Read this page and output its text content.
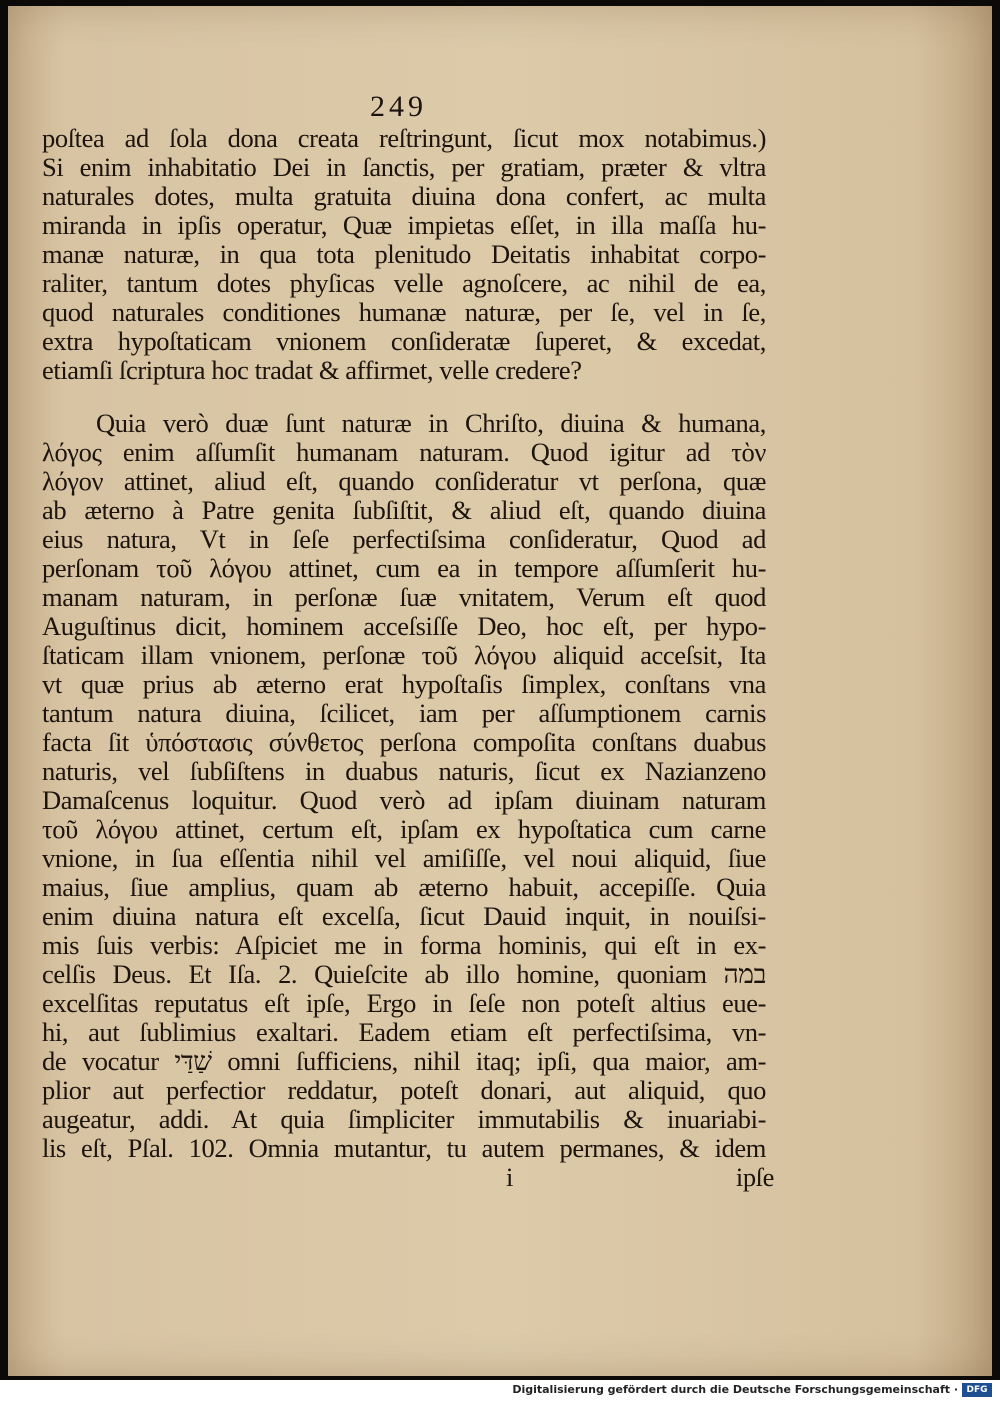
249
poſtea ad ſola dona creata reſtringunt, ſicut mox notabimus.)
Si enim inhabitatio Dei in ſanctis, per gratiam, præter & vltra
naturales dotes, multa gratuita diuina dona confert, ac multa
miranda in ipſis operatur, Quæ impietas eſſet, in illa maſſa hu-
manæ naturæ, in qua tota plenitudo Deitatis inhabitat corpo-
raliter, tantum dotes phyſicas velle agnoſcere, ac nihil de ea,
quod naturales conditiones humanæ naturæ, per ſe, vel in ſe,
extra hypoſtaticam vnionem conſideratæ ſuperet, & excedat,
etiamſi ſcriptura hoc tradat & affirmet, velle credere?
Quia verò duæ ſunt naturæ in Chriſto, diuina & humana,
λόγος enim aſſumſit humanam naturam. Quod igitur ad τὸν
λόγον attinet, aliud eſt, quando conſideratur vt perſona, quæ
ab æterno à Patre genita ſubſiſtit, & aliud eſt, quando diuina
eius natura, Vt in ſeſe perfectiſsima conſideratur, Quod ad
perſonam τοῦ λόγου attinet, cum ea in tempore aſſumſerit hu-
manam naturam, in perſonæ ſuæ vnitatem, Verum eſt quod
Auguſtinus dicit, hominem acceſsiſſe Deo, hoc eſt, per hypo-
ſtaticam illam vnionem, perſonæ τοῦ λόγου aliquid acceſsit, Ita
vt quæ prius ab æterno erat hypoſtaſis ſimplex, conſtans vna
tantum natura diuina, ſcilicet, iam per aſſumptionem carnis
facta ſit ὑπόστασις σύνθετος perſona compoſita conſtans duabus
naturis, vel ſubſiſtens in duabus naturis, ſicut ex Nazianzeno
Damaſcenus loquitur. Quod verò ad ipſam diuinam naturam
τοῦ λόγου attinet, certum eſt, ipſam ex hypoſtatica cum carne
vnione, in ſua eſſentia nihil vel amiſiſſe, vel noui aliquid, ſiue
maius, ſiue amplius, quam ab æterno habuit, accepiſſe. Quia
enim diuina natura eſt excelſa, ſicut Dauid inquit, in nouiſsi-
mis ſuis verbis: Aſpiciet me in forma hominis, qui eſt in ex-
celſis Deus. Et Iſa. 2. Quieſcite ab illo homine, quoniam במה
excelſitas reputatus eſt ipſe, Ergo in ſeſe non poteſt altius eue-
hi, aut ſublimius exaltari. Eadem etiam eſt perfectiſsima, vn-
de vocatur שַׁדַּי omni ſufficiens, nihil itaq; ipſi, qua maior, am-
plior aut perfectior reddatur, poteſt donari, aut aliquid, quo
augeatur, addi. At quia ſimpliciter immutabilis & inuariabi-
lis eſt, Pſal. 102. Omnia mutantur, tu autem permanes, & idem
i	ipſe
Digitalisierung gefördert durch die Deutsche Forschungsgemeinschaft · DFG
